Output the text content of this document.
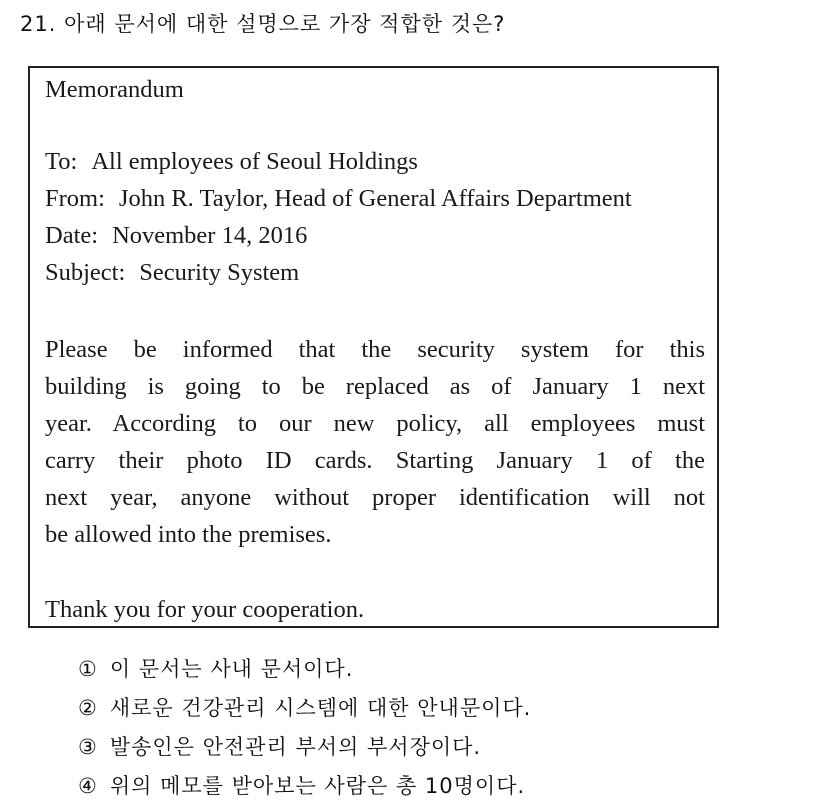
21. 아래 문서에 대한 설명으로 가장 적합한 것은?
Memorandum
To: All employees of Seoul Holdings
From: John R. Taylor, Head of General Affairs Department
Date: November 14, 2016
Subject: Security System
Please be informed that the security system for this
building is going to be replaced as of January 1 next
year. According to our new policy, all employees must
carry their photo ID cards. Starting January 1 of the
next year, anyone without proper identification will not
be allowed into the premises.
Thank you for your cooperation.
① 이 문서는 사내 문서이다.
② 새로운 건강관리 시스템에 대한 안내문이다.
③ 발송인은 안전관리 부서의 부서장이다.
④ 위의 메모를 받아보는 사람은 총 10명이다.
